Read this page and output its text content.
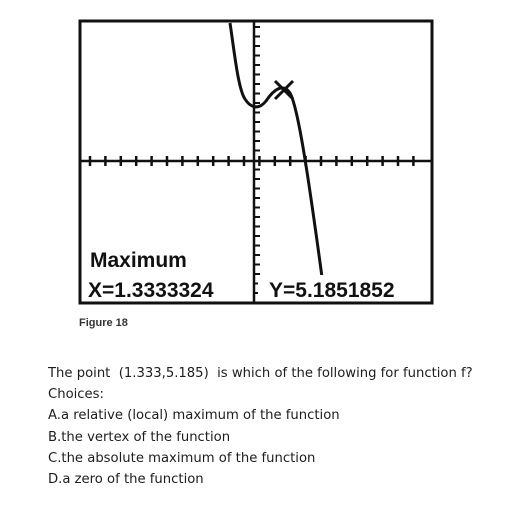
Maximum
X=1.3333324	Y=5.1851852
Figure 18
The point  (1.333,5.185)  is which of the following for function f?
Choices:
A.a relative (local) maximum of the function
B.the vertex of the function
C.the absolute maximum of the function
D.a zero of the function
